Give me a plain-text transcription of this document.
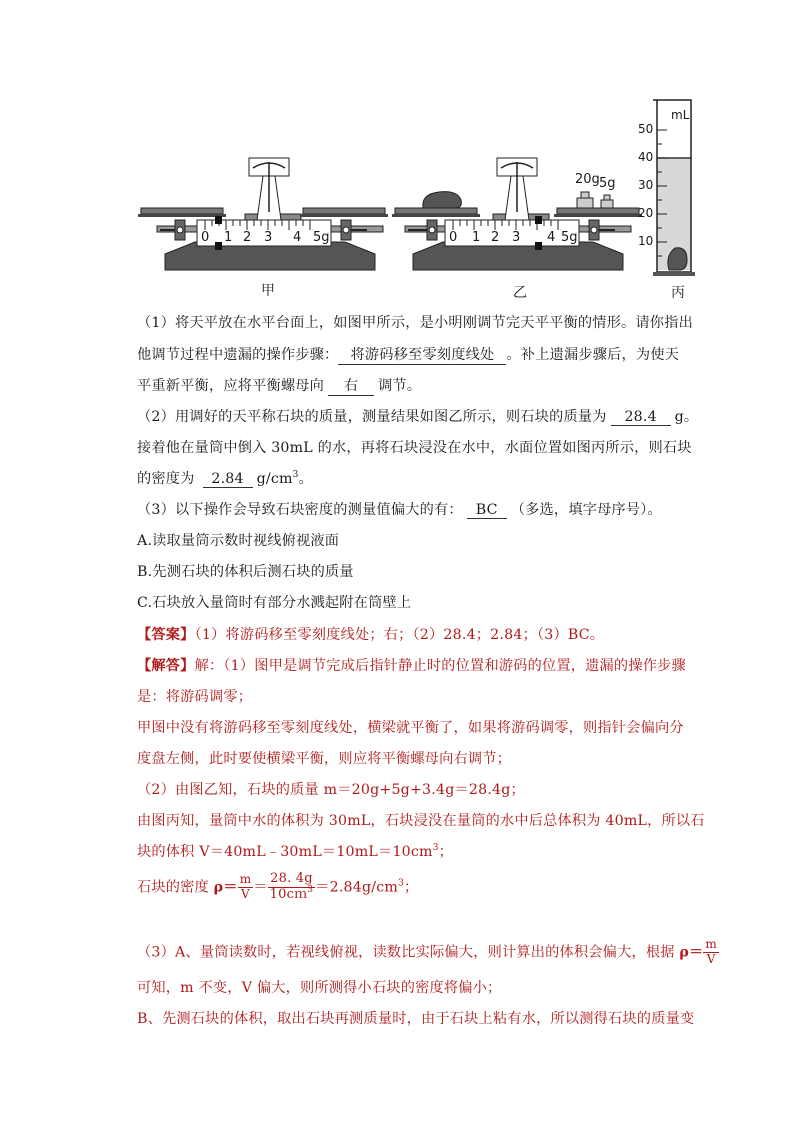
0 1 2 3 4 5g	0 1 2 3 4 5g
20g 5g
mL
50
40
30
20
10
甲	乙	丙
（1）将天平放在水平台面上，如图甲所示，是小明刚调节完天平平衡的情形。请你指出
他调节过程中遗漏的操作步骤： 将游码移至零刻度线处 。补上遗漏步骤后，为使天
平重新平衡，应将平衡螺母向 右 调节。
（2）用调好的天平称石块的质量，测量结果如图乙所示，则石块的质量为 28.4 g。
接着他在量筒中倒入 30mL 的水，再将石块浸没在水中，水面位置如图丙所示，则石块
的密度为 2.84 $g/cm^3$。
（3）以下操作会导致石块密度的测量值偏大的有： BC （多选，填字母序号）。
A.读取量筒示数时视线俯视液面
B.先测石块的体积后测石块的质量
C.石块放入量筒时有部分水溅起附在筒壁上
【答案】（1）将游码移至零刻度线处；右；（2）28.4；2.84；（3）BC。
【解答】解：（1）图甲是调节完成后指针静止时的位置和游码的位置，遗漏的操作步骤
是：将游码调零；
甲图中没有将游码移至零刻度线处，横梁就平衡了，如果将游码调零，则指针会偏向分
度盘左侧，此时要使横梁平衡，则应将平衡螺母向右调节；
（2）由图乙知，石块的质量 m＝20g+5g+3.4g＝28.4g；
由图丙知，量筒中水的体积为 30mL，石块浸没在量筒的水中后总体积为 40mL，所以石
块的体积 $V=40mL﹣30mL=10mL=10cm^3$；
石块的密度 $\rho= \frac{m}{V} = \frac{28. 4g}{10cm^3} =2.84g/cm^3$；
（3）A、量筒读数时，若视线俯视，读数比实际偏大，则计算出的体积会偏大，根据 $\rho= \frac{m}{V}$
可知，m 不变，V 偏大，则所测得小石块的密度将偏小；
B、先测石块的体积，取出石块再测质量时，由于石块上粘有水，所以测得石块的质量变
